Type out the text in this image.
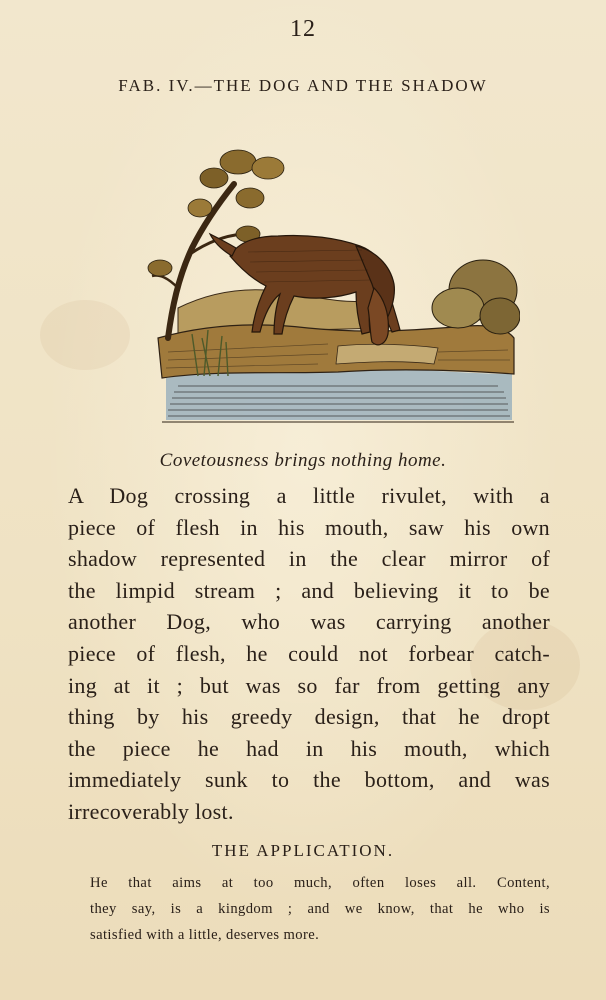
12
FAB. IV.—THE DOG AND THE SHADOW
Covetousness brings nothing home.
A Dog crossing a little rivulet, with a
piece of flesh in his mouth, saw his own
shadow represented in the clear mirror of
the limpid stream ; and believing it to be
another Dog, who was carrying another
piece of flesh, he could not forbear catch-
ing at it ; but was so far from getting any
thing by his greedy design, that he dropt
the piece he had in his mouth, which
immediately sunk to the bottom, and was
irrecoverably lost.
THE APPLICATION.
He that aims at too much, often loses all. Content,
they say, is a kingdom ; and we know, that he who is
satisfied with a little, deserves more.
